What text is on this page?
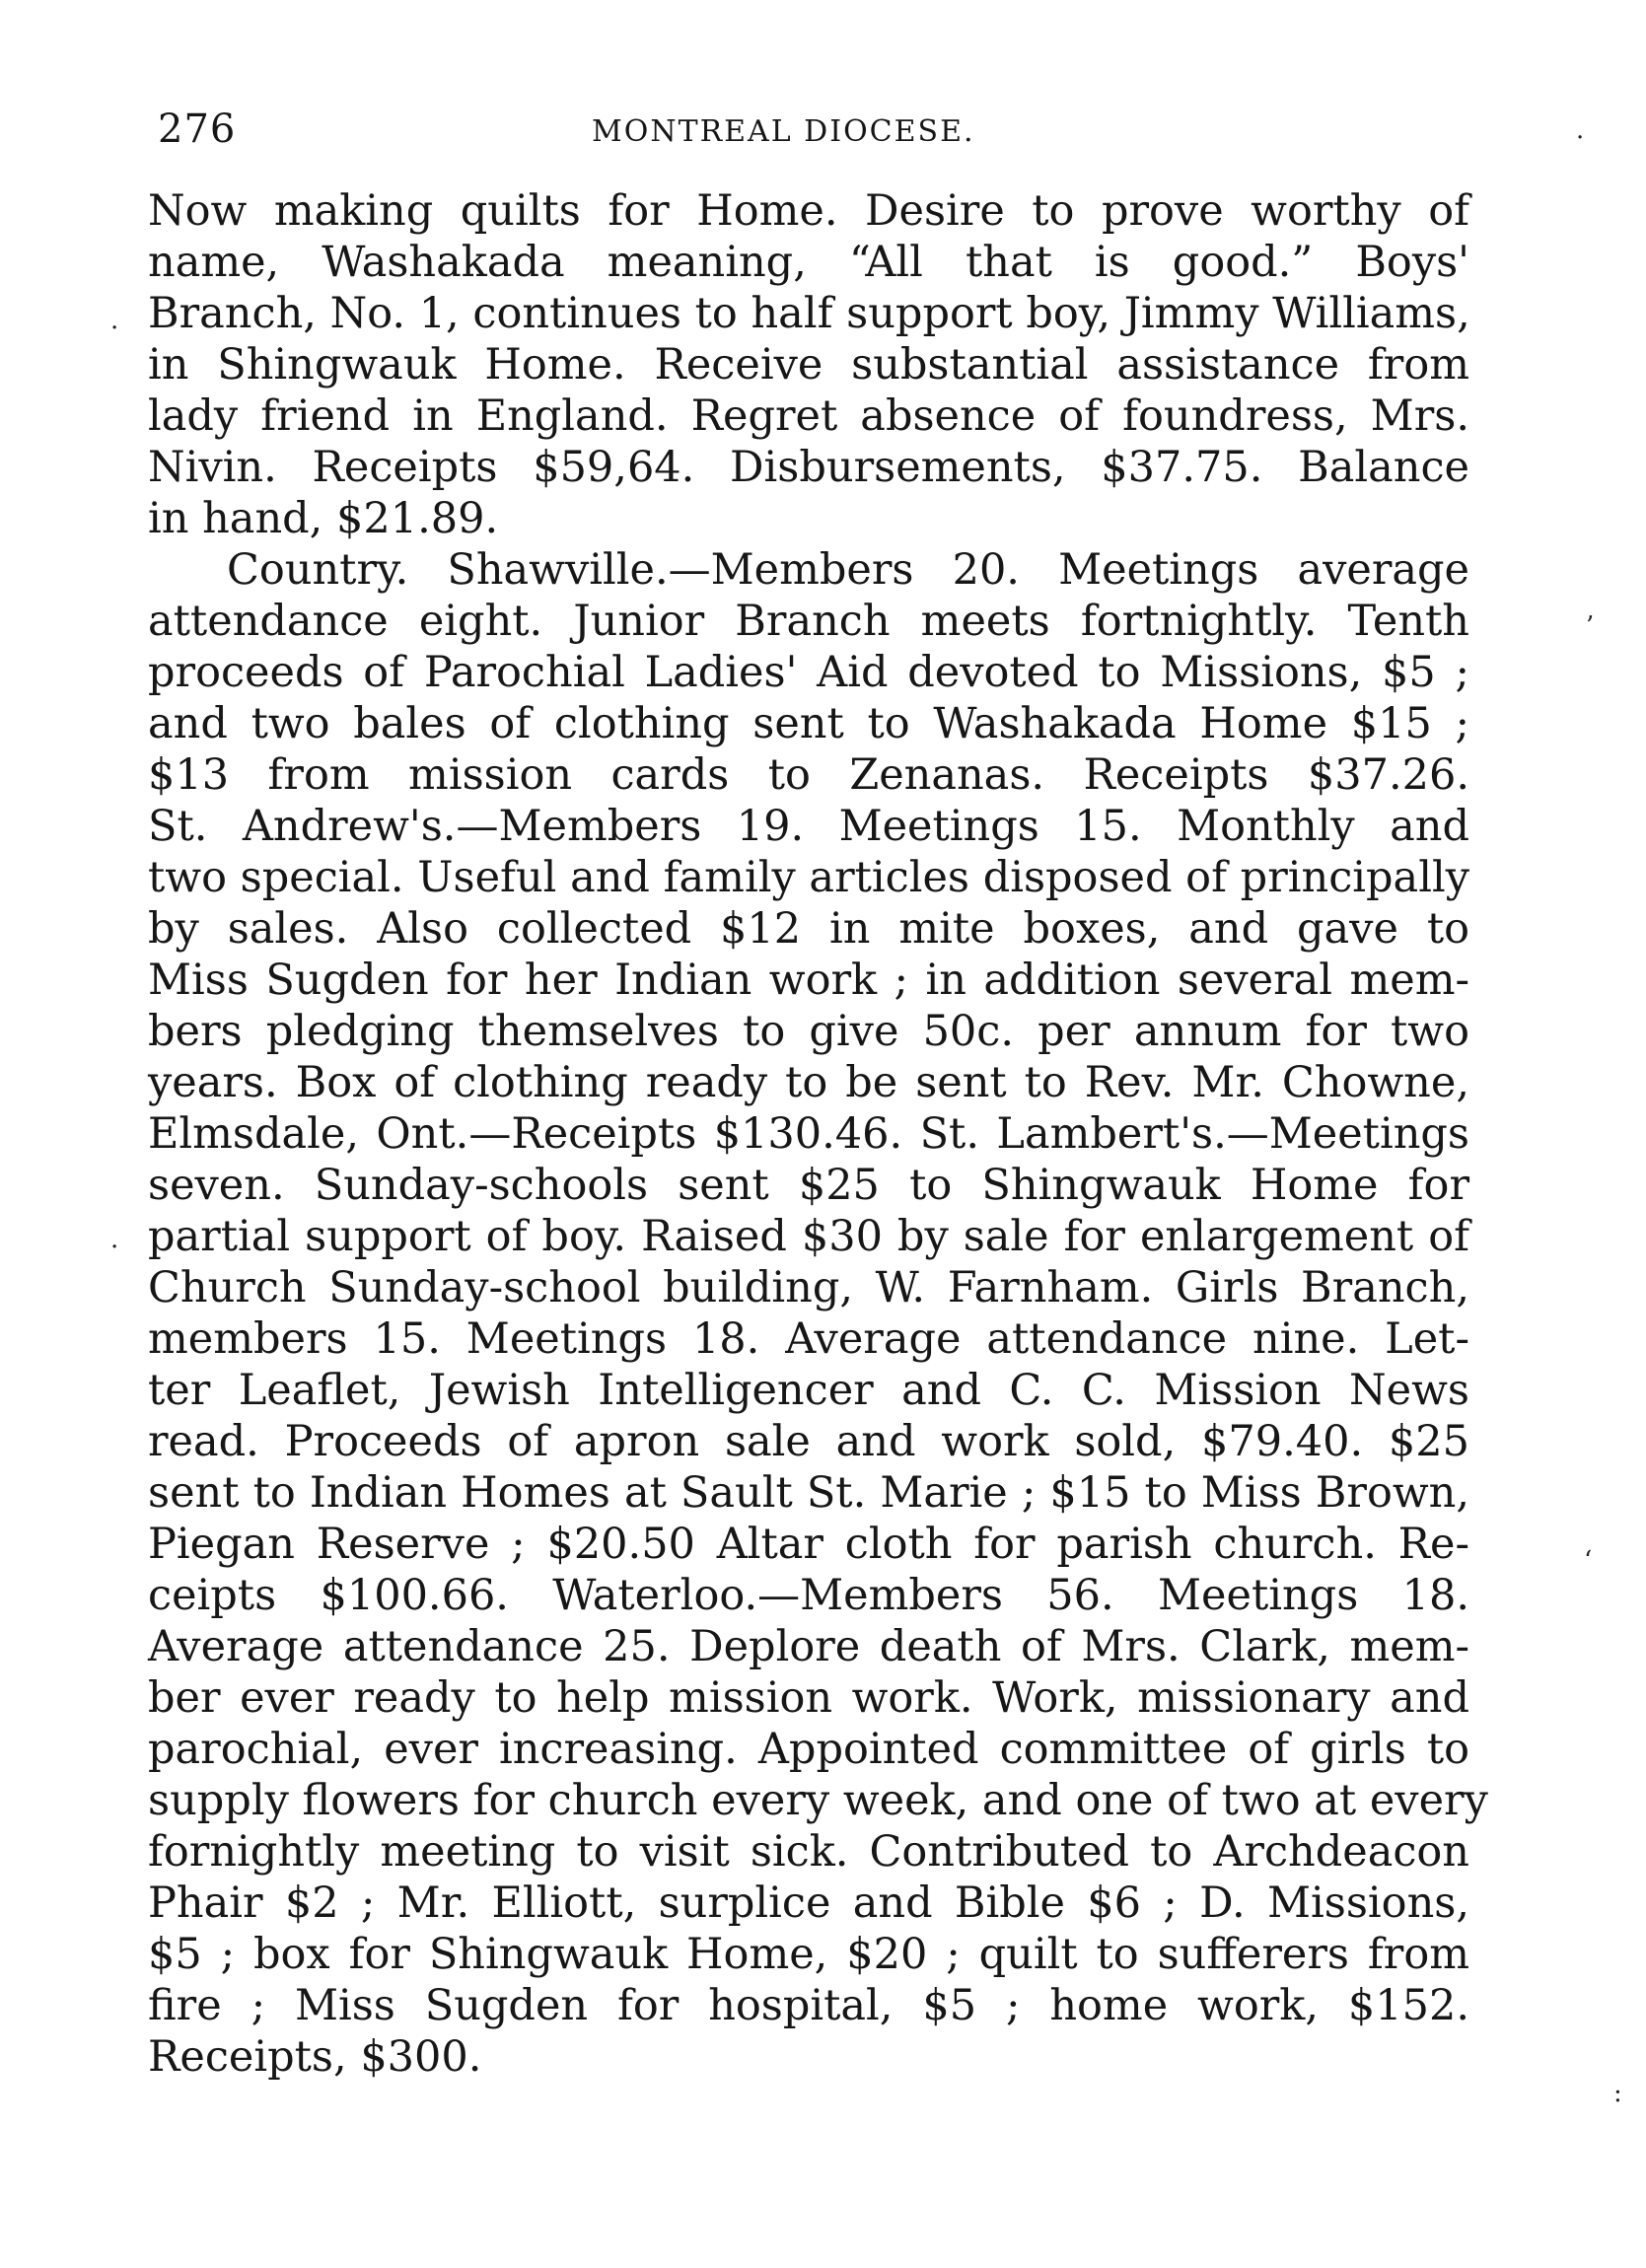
276	MONTREAL DIOCESE.
Now making quilts for Home. Desire to prove worthy of
name, Washakada meaning, “All that is good.” Boys'
Branch, No. 1, continues to half support boy, Jimmy Williams,
in Shingwauk Home. Receive substantial assistance from
lady friend in England. Regret absence of foundress, Mrs.
Nivin. Receipts $59,64. Disbursements, $37.75. Balance
in hand, $21.89.
Country. Shawville.—Members 20. Meetings average
attendance eight. Junior Branch meets fortnightly. Tenth
proceeds of Parochial Ladies' Aid devoted to Missions, $5 ;
and two bales of clothing sent to Washakada Home $15 ;
$13 from mission cards to Zenanas. Receipts $37.26.
St. Andrew's.—Members 19. Meetings 15. Monthly and
two special. Useful and family articles disposed of principally
by sales. Also collected $12 in mite boxes, and gave to
Miss Sugden for her Indian work ; in addition several mem-
bers pledging themselves to give 50c. per annum for two
years. Box of clothing ready to be sent to Rev. Mr. Chowne,
Elmsdale, Ont.—Receipts $130.46. St. Lambert's.—Meetings
seven. Sunday-schools sent $25 to Shingwauk Home for
partial support of boy. Raised $30 by sale for enlargement of
Church Sunday-school building, W. Farnham. Girls Branch,
members 15. Meetings 18. Average attendance nine. Let-
ter Leaflet, Jewish Intelligencer and C. C. Mission News
read. Proceeds of apron sale and work sold, $79.40. $25
sent to Indian Homes at Sault St. Marie ; $15 to Miss Brown,
Piegan Reserve ; $20.50 Altar cloth for parish church. Re-
ceipts $100.66. Waterloo.—Members 56. Meetings 18.
Average attendance 25. Deplore death of Mrs. Clark, mem-
ber ever ready to help mission work. Work, missionary and
parochial, ever increasing. Appointed committee of girls to
supply flowers for church every week, and one of two at every
fornightly meeting to visit sick. Contributed to Archdeacon
Phair $2 ; Mr. Elliott, surplice and Bible $6 ; D. Missions,
$5 ; box for Shingwauk Home, $20 ; quilt to sufferers from
fire ; Miss Sugden for hospital, $5 ; home work, $152.
Receipts, $300.
·
’
‘
:
·
·
